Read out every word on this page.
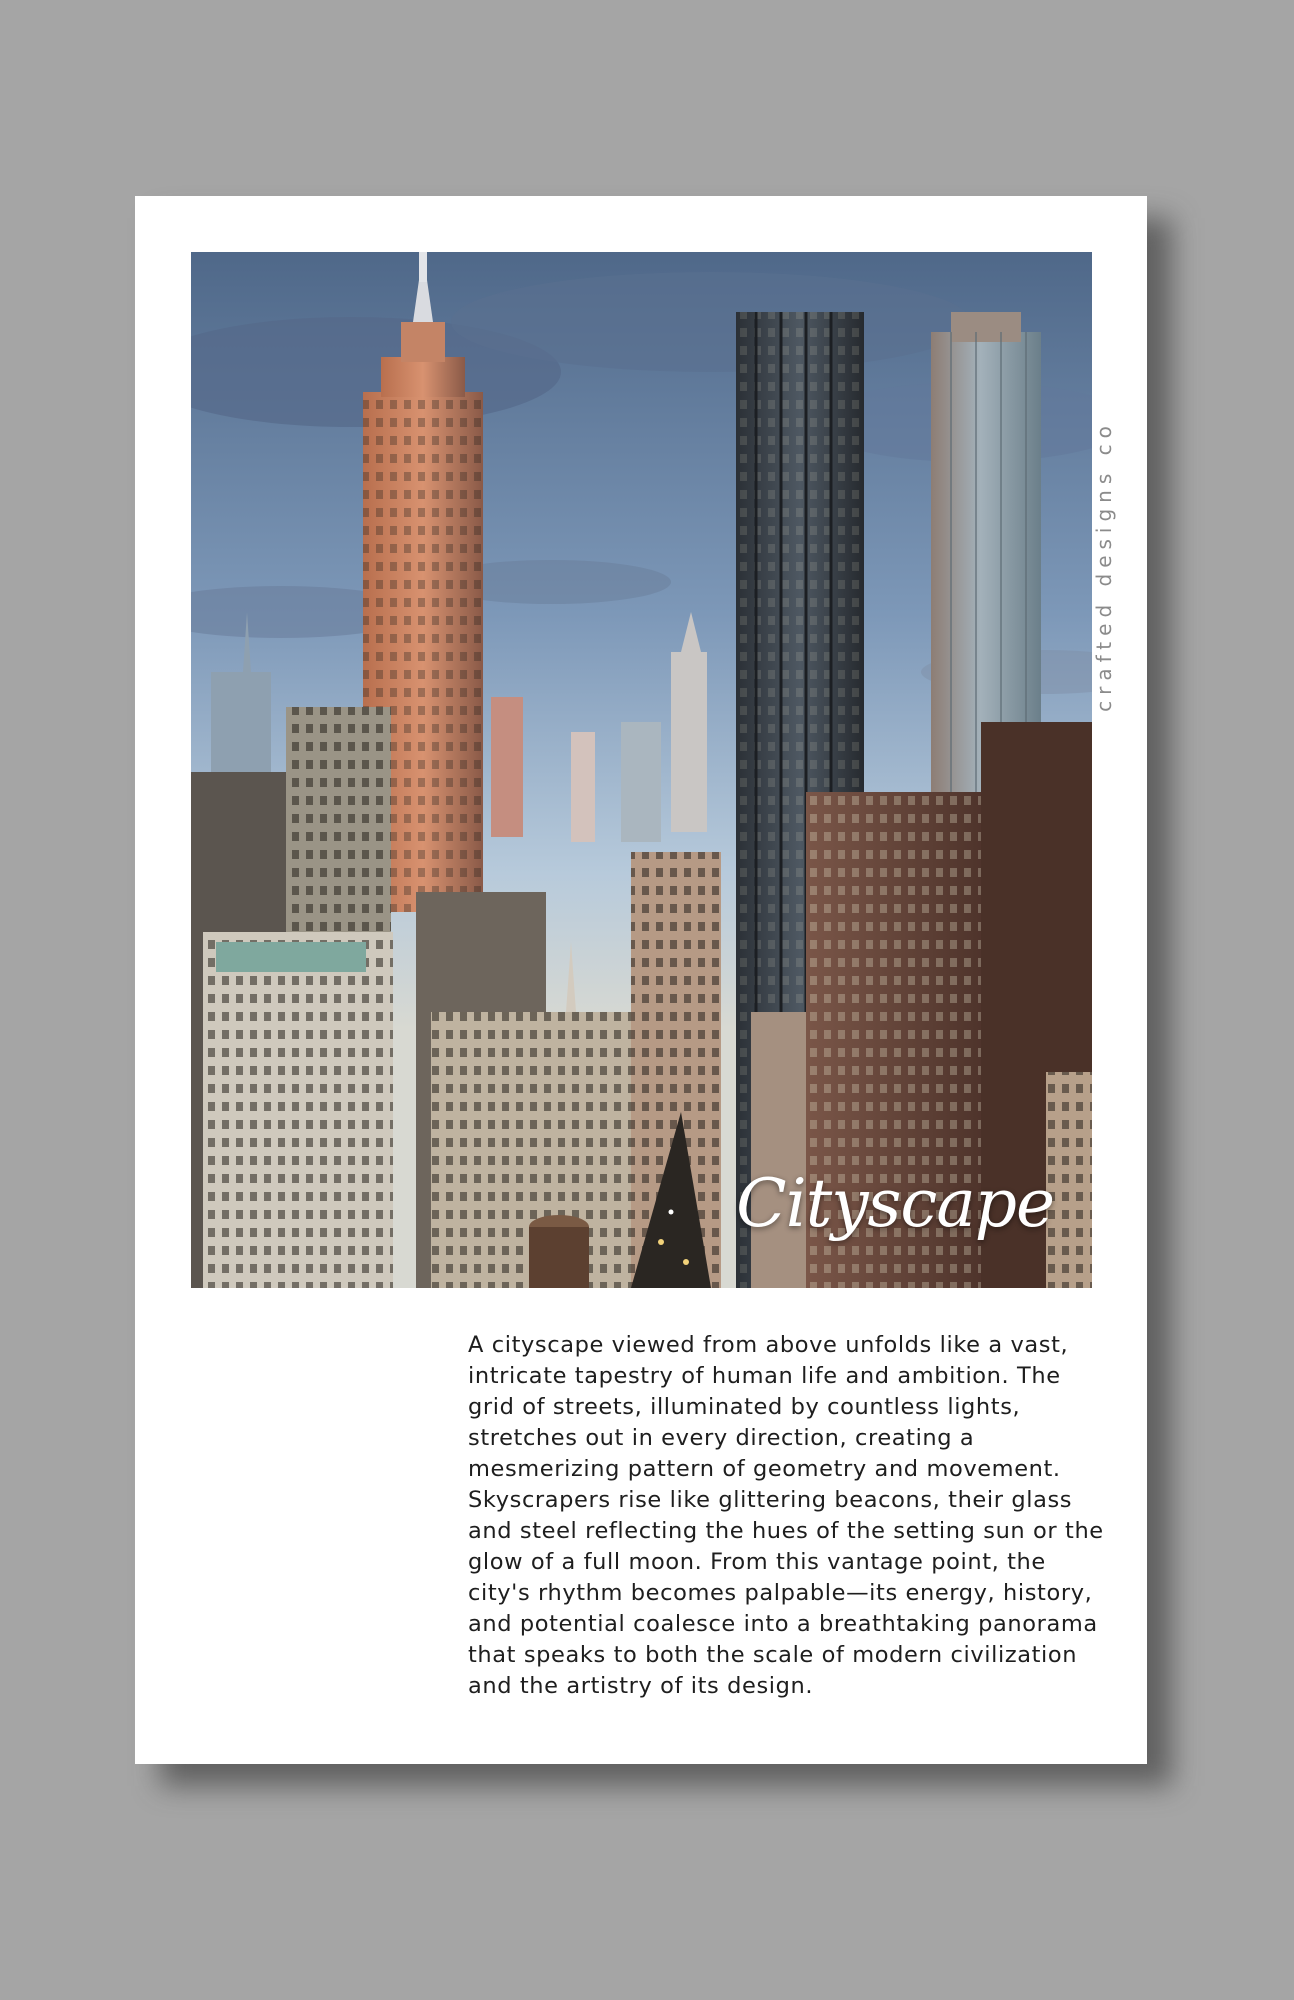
Cityscape
crafted designs co

A cityscape viewed from above unfolds like a vast, intricate tapestry of human life and ambition. The grid of streets, illuminated by countless lights, stretches out in every direction, creating a mesmerizing pattern of geometry and movement. Skyscrapers rise like glittering beacons, their glass and steel reflecting the hues of the setting sun or the glow of a full moon. From this vantage point, the city's rhythm becomes palpable—its energy, history, and potential coalesce into a breathtaking panorama that speaks to both the scale of modern civilization and the artistry of its design.
